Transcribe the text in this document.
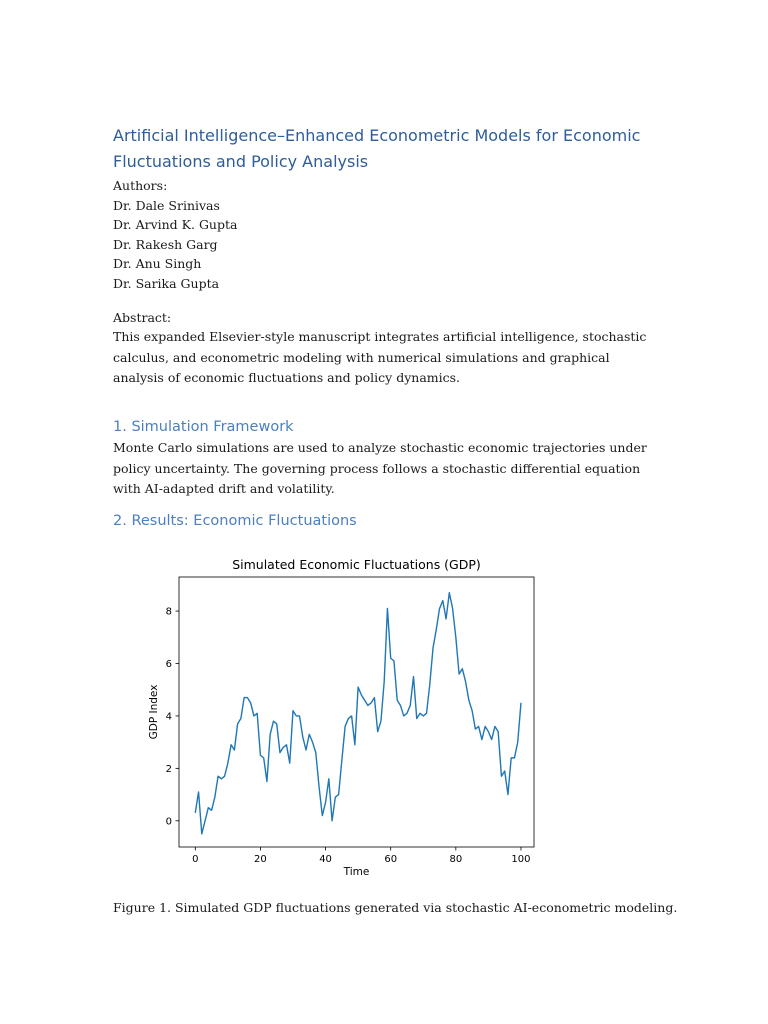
Artificial Intelligence–Enhanced Econometric Models for Economic Fluctuations and Policy Analysis
Authors:
Dr. Dale Srinivas
Dr. Arvind K. Gupta
Dr. Rakesh Garg
Dr. Anu Singh
Dr. Sarika Gupta
Abstract:

This expanded Elsevier-style manuscript integrates artificial intelligence, stochastic calculus, and econometric modeling with numerical simulations and graphical analysis of economic fluctuations and policy dynamics.

1. Simulation Framework

Monte Carlo simulations are used to analyze stochastic economic trajectories under policy uncertainty. The governing process follows a stochastic differential equation with AI-adapted drift and volatility.

2. Results: Economic Fluctuations
0	20	40	60	80	100
0
2
4
6
8
Simulated Economic Fluctuations (GDP)
Time
GDP Index

Figure 1. Simulated GDP fluctuations generated via stochastic AI-econometric modeling.
